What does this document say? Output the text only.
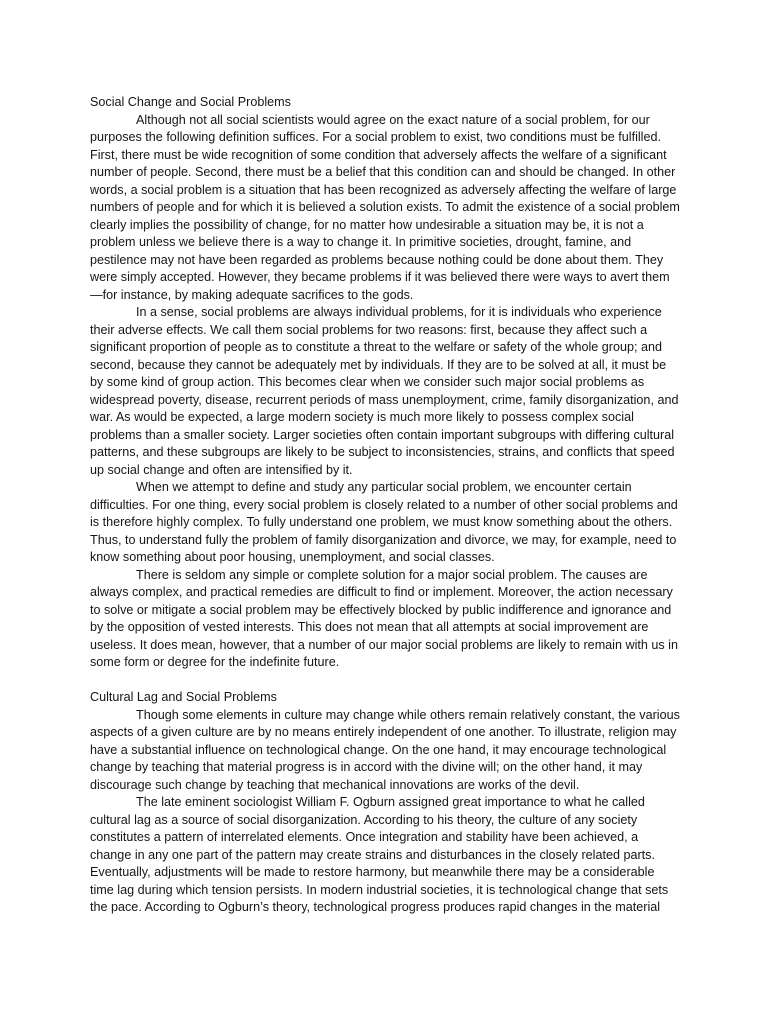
Social Change and Social Problems

Although not all social scientists would agree on the exact nature of a social problem, for our purposes the following definition suffices. For a social problem to exist, two conditions must be fulfilled. First, there must be wide recognition of some condition that adversely affects the welfare of a significant number of people. Second, there must be a belief that this condition can and should be changed. In other words, a social problem is a situation that has been recognized as adversely affecting the welfare of large numbers of people and for which it is believed a solution exists. To admit the existence of a social problem clearly implies the possibility of change, for no matter how undesirable a situation may be, it is not a problem unless we believe there is a way to change it. In primitive societies, drought, famine, and pestilence may not have been regarded as problems because nothing could be done about them. They were simply accepted. However, they became problems if it was believed there were ways to avert them—for instance, by making adequate sacrifices to the gods.

In a sense, social problems are always individual problems, for it is individuals who experience their adverse effects. We call them social problems for two reasons: first, because they affect such a significant proportion of people as to constitute a threat to the welfare or safety of the whole group; and second, because they cannot be adequately met by individuals. If they are to be solved at all, it must be by some kind of group action. This becomes clear when we consider such major social problems as widespread poverty, disease, recurrent periods of mass unemployment, crime, family disorganization, and war. As would be expected, a large modern society is much more likely to possess complex social problems than a smaller society. Larger societies often contain important subgroups with differing cultural patterns, and these subgroups are likely to be subject to inconsistencies, strains, and conflicts that speed up social change and often are intensified by it.

When we attempt to define and study any particular social problem, we encounter certain difficulties. For one thing, every social problem is closely related to a number of other social problems and is therefore highly complex. To fully understand one problem, we must know something about the others. Thus, to understand fully the problem of family disorganization and divorce, we may, for example, need to know something about poor housing, unemployment, and social classes.

There is seldom any simple or complete solution for a major social problem. The causes are always complex, and practical remedies are difficult to find or implement. Moreover, the action necessary to solve or mitigate a social problem may be effectively blocked by public indifference and ignorance and by the opposition of vested interests. This does not mean that all attempts at social improvement are useless. It does mean, however, that a number of our major social problems are likely to remain with us in some form or degree for the indefinite future.

Cultural Lag and Social Problems

Though some elements in culture may change while others remain relatively constant, the various aspects of a given culture are by no means entirely independent of one another. To illustrate, religion may have a substantial influence on technological change. On the one hand, it may encourage technological change by teaching that material progress is in accord with the divine will; on the other hand, it may discourage such change by teaching that mechanical innovations are works of the devil.

The late eminent sociologist William F. Ogburn assigned great importance to what he called cultural lag as a source of social disorganization. According to his theory, the culture of any society constitutes a pattern of interrelated elements. Once integration and stability have been achieved, a change in any one part of the pattern may create strains and disturbances in the closely related parts. Eventually, adjustments will be made to restore harmony, but meanwhile there may be a considerable time lag during which tension persists. In modern industrial societies, it is technological change that sets the pace. According to Ogburn’s theory, technological progress produces rapid changes in the material
